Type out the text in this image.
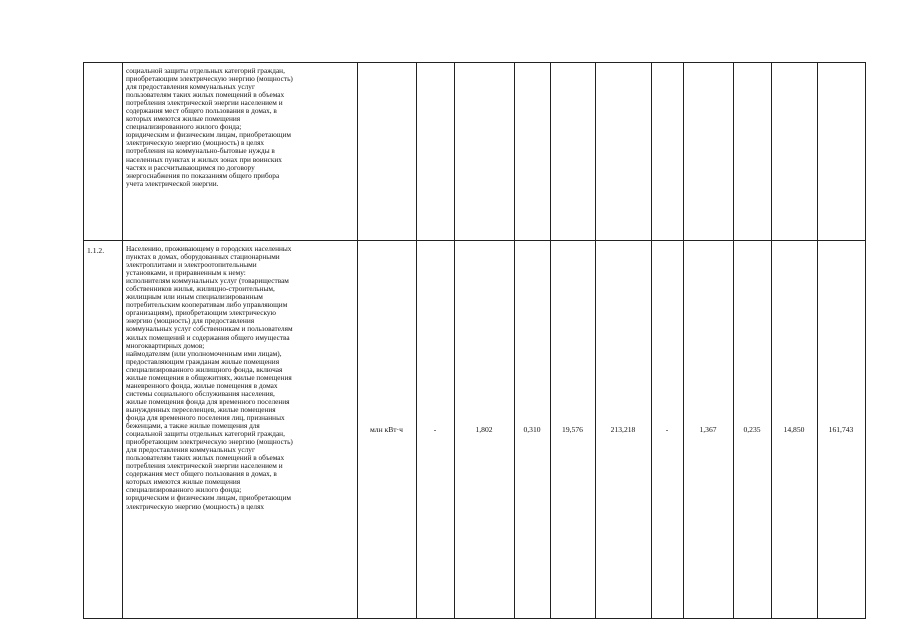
социальной защиты отдельных категорий граждан,

приобретающим электрическую энергию (мощность)

для предоставления коммунальных услуг

пользователям таких жилых помещений в объемах

потребления электрической энергии населением и

содержания мест общего пользования в домах, в

которых имеются жилые помещения

специализированного жилого фонда;

юридическим и физическим лицам, приобретающим

электрическую энергию (мощность) в целях

потребления на коммунально-бытовые нужды в

населенных пунктах и жилых зонах при воинских

частях и рассчитывающимся по договору

энергоснабжения по показаниям общего прибора

учета электрической энергии.

1.1.2.	Населению, проживающему в городских населенных

пунктах в домах, оборудованных стационарными

электроплитами и электроотопительными

установками, и приравненным к нему:

исполнителям коммунальных услуг (товариществам

собственников жилья, жилищно-строительным,

жилищным или иным специализированным

потребительским кооперативам либо управляющим

организациям), приобретающим электрическую

энергию (мощность) для предоставления

коммунальных услуг собственникам и пользователям

жилых помещений и содержания общего имущества

многоквартирных домов;

наймодателям (или уполномоченным ими лицам),

предоставляющим гражданам жилые помещения

специализированного жилищного фонда, включая

жилые помещения в общежитиях, жилые помещения

маневренного фонда, жилые помещения в домах

системы социального обслуживания населения,

жилые помещения фонда для временного поселения

вынужденных переселенцев, жилые помещения

фонда для временного поселения лиц, признанных

беженцами, а также жилые помещения для

социальной защиты отдельных категорий граждан,

приобретающим электрическую энергию (мощность)

для предоставления коммунальных услуг

пользователям таких жилых помещений в объемах

потребления электрической энергии населением и

содержания мест общего пользования в домах, в

которых имеются жилые помещения

специализированного жилого фонда;

юридическим и физическим лицам, приобретающим

электрическую энергию (мощность) в целях

млн кВт·ч	-	1,802	0,310	19,576	213,218	-	1,367	0,235	14,850	161,743
